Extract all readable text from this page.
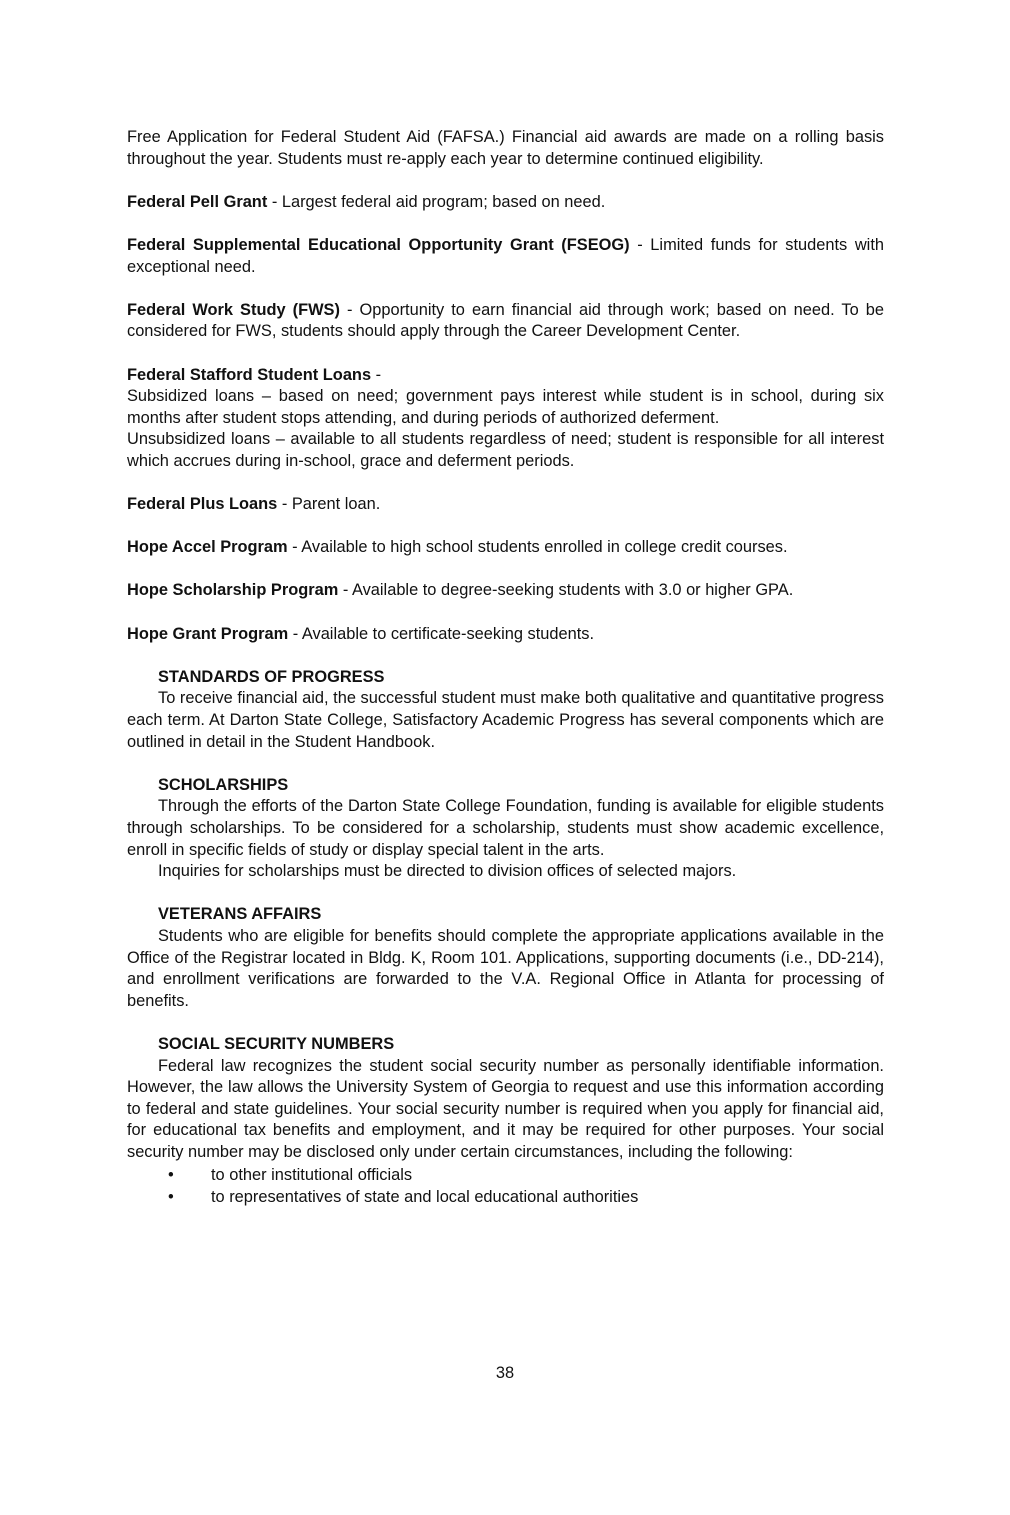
Free Application for Federal Student Aid (FAFSA.) Financial aid awards are made on a rolling basis throughout the year. Students must re-apply each year to determine continued eligibility.

Federal Pell Grant - Largest federal aid program; based on need.

Federal Supplemental Educational Opportunity Grant (FSEOG) - Limited funds for students with exceptional need.

Federal Work Study (FWS) - Opportunity to earn financial aid through work; based on need. To be considered for FWS, students should apply through the Career Development Center.

Federal Stafford Student Loans -

Subsidized loans – based on need; government pays interest while student is in school, during six months after student stops attending, and during periods of authorized deferment.

Unsubsidized loans – available to all students regardless of need; student is responsible for all interest which accrues during in-school, grace and deferment periods.

Federal Plus Loans - Parent loan.

Hope Accel Program - Available to high school students enrolled in college credit courses.

Hope Scholarship Program - Available to degree-seeking students with 3.0 or higher GPA.

Hope Grant Program - Available to certificate-seeking students.

STANDARDS OF PROGRESS

To receive financial aid, the successful student must make both qualitative and quantitative progress each term. At Darton State College, Satisfactory Academic Progress has several components which are outlined in detail in the Student Handbook.

SCHOLARSHIPS

Through the efforts of the Darton State College Foundation, funding is available for eligible students through scholarships. To be considered for a scholarship, students must show academic excellence, enroll in specific fields of study or display special talent in the arts.

Inquiries for scholarships must be directed to division offices of selected majors.

VETERANS AFFAIRS

Students who are eligible for benefits should complete the appropriate applications available in the Office of the Registrar located in Bldg. K, Room 101. Applications, supporting documents (i.e., DD-214), and enrollment verifications are forwarded to the V.A. Regional Office in Atlanta for processing of benefits.

SOCIAL SECURITY NUMBERS

Federal law recognizes the student social security number as personally identifiable information. However, the law allows the University System of Georgia to request and use this information according to federal and state guidelines. Your social security number is required when you apply for financial aid, for educational tax benefits and employment, and it may be required for other purposes. Your social security number may be disclosed only under certain circumstances, including the following:

• to other institutional officials
• to representatives of state and local educational authorities
38
